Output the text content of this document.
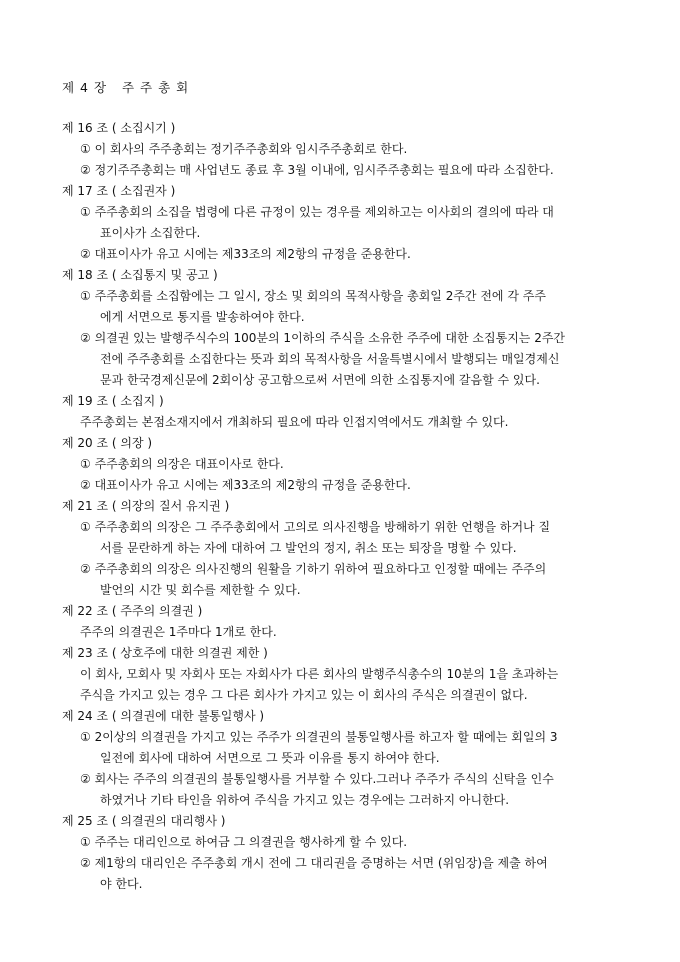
제 4 장   주 주 총 회
제 16 조 ( 소집시기 )
① 이 회사의 주주총회는 정기주주총회와 임시주주총회로 한다.
② 정기주주총회는 매 사업년도 종료 후 3월 이내에, 임시주주총회는 필요에 따라 소집한다.
제 17 조 ( 소집권자 )
① 주주총회의 소집을 법령에 다른 규정이 있는 경우를 제외하고는 이사회의 결의에 따라 대
표이사가 소집한다.
② 대표이사가 유고 시에는 제33조의 제2항의 규정을 준용한다.
제 18 조 ( 소집통지 및 공고 )
① 주주총회를 소집함에는 그 일시, 장소 및 회의의 목적사항을 총회일 2주간 전에 각 주주
에게 서면으로 통지를 발송하여야 한다.
② 의결권 있는 발행주식수의 100분의 1이하의 주식을 소유한 주주에 대한 소집통지는 2주간
전에 주주총회를 소집한다는 뜻과 회의 목적사항을 서울특별시에서 발행되는 매일경제신
문과 한국경제신문에 2회이상 공고함으로써 서면에 의한 소집통지에 갈음할 수 있다.
제 19 조 ( 소집지 )
주주총회는 본점소재지에서 개최하되 필요에 따라 인접지역에서도 개최할 수 있다.
제 20 조 ( 의장 )
① 주주총회의 의장은 대표이사로 한다.
② 대표이사가 유고 시에는 제33조의 제2항의 규정을 준용한다.
제 21 조 ( 의장의 질서 유지권 )
① 주주총회의 의장은 그 주주총회에서 고의로 의사진행을 방해하기 위한 언행을 하거나 질
서를 문란하게 하는 자에 대하여 그 발언의 정지, 취소 또는 퇴장을 명할 수 있다.
② 주주총회의 의장은 의사진행의 원활을 기하기 위하여 필요하다고 인정할 때에는 주주의
발언의 시간 및 회수를 제한할 수 있다.
제 22 조 ( 주주의 의결권 )
주주의 의결권은 1주마다 1개로 한다.
제 23 조 ( 상호주에 대한 의결권 제한 )
이 회사, 모회사 및 자회사 또는 자회사가 다른 회사의 발행주식총수의 10분의 1을 초과하는
주식을 가지고 있는 경우 그 다른 회사가 가지고 있는 이 회사의 주식은 의결권이 없다.
제 24 조 ( 의결권에 대한 불통일행사 )
① 2이상의 의결권을 가지고 있는 주주가 의결권의 불통일행사를 하고자 할 때에는 회일의 3
일전에 회사에 대하여 서면으로 그 뜻과 이유를 통지 하여야 한다.
② 회사는 주주의 의결권의 불통일행사를 거부할 수 있다.그러나 주주가 주식의 신탁을 인수
하였거나 기타 타인을 위하여 주식을 가지고 있는 경우에는 그러하지 아니한다.
제 25 조 ( 의결권의 대리행사 )
① 주주는 대리인으로 하여금 그 의결권을 행사하게 할 수 있다.
② 제1항의 대리인은 주주총회 개시 전에 그 대리권을 증명하는 서면 (위임장)을 제출 하여
야 한다.
